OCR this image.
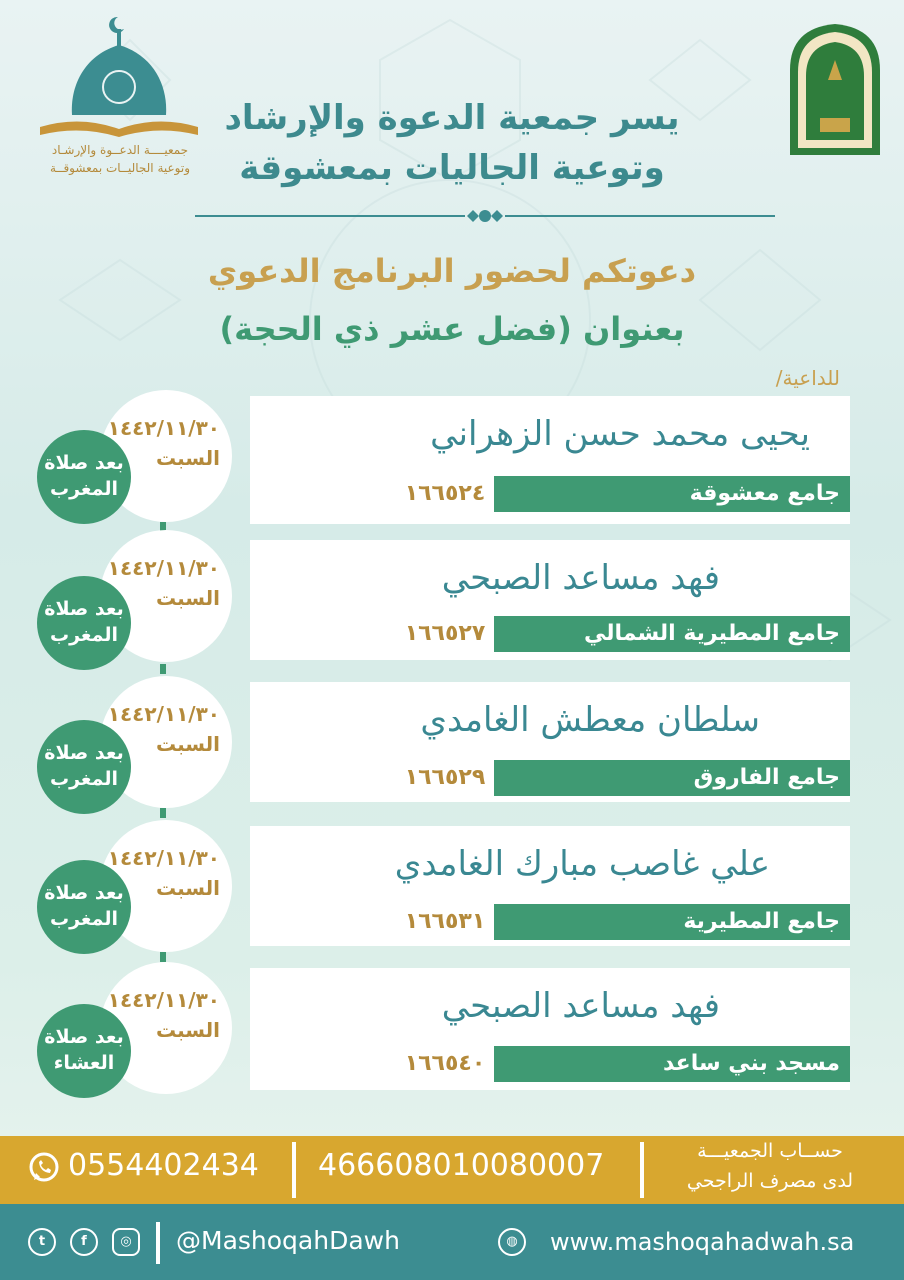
جمعيــــة الدعــوة والإرشـاد
وتوعية الجاليــات بمعشوقــة
يسر جمعية الدعوة والإرشاد
وتوعية الجاليات بمعشوقة
دعوتكم لحضور البرنامج الدعوي
بعنوان (فضل عشر ذي الحجة)
للداعية/
يحيى محمد حسن الزهراني
١٦٦٥٢٤	جامع معشوقة
١٤٤٢/١١/٣٠
السبت
بعد صلاة
المغرب
فهد مساعد الصبحي
١٦٦٥٢٧	جامع المطيرية الشمالي
١٤٤٢/١١/٣٠
السبت
بعد صلاة
المغرب
سلطان معطش الغامدي
١٦٦٥٢٩	جامع الفاروق
١٤٤٢/١١/٣٠
السبت
بعد صلاة
المغرب
علي غاصب مبارك الغامدي
١٦٦٥٣١	جامع المطيرية
١٤٤٢/١١/٣٠
السبت
بعد صلاة
المغرب
فهد مساعد الصبحي
١٦٦٥٤٠	مسجد بني ساعد
١٤٤٢/١١/٣٠
السبت
بعد صلاة
العشاء
0554402434 466608010080007	حســاب الجمعيـــة
لدى مصرف الراجحي
t	f	◎	@MashoqahDawh	◍	www.mashoqahadwah.sa
